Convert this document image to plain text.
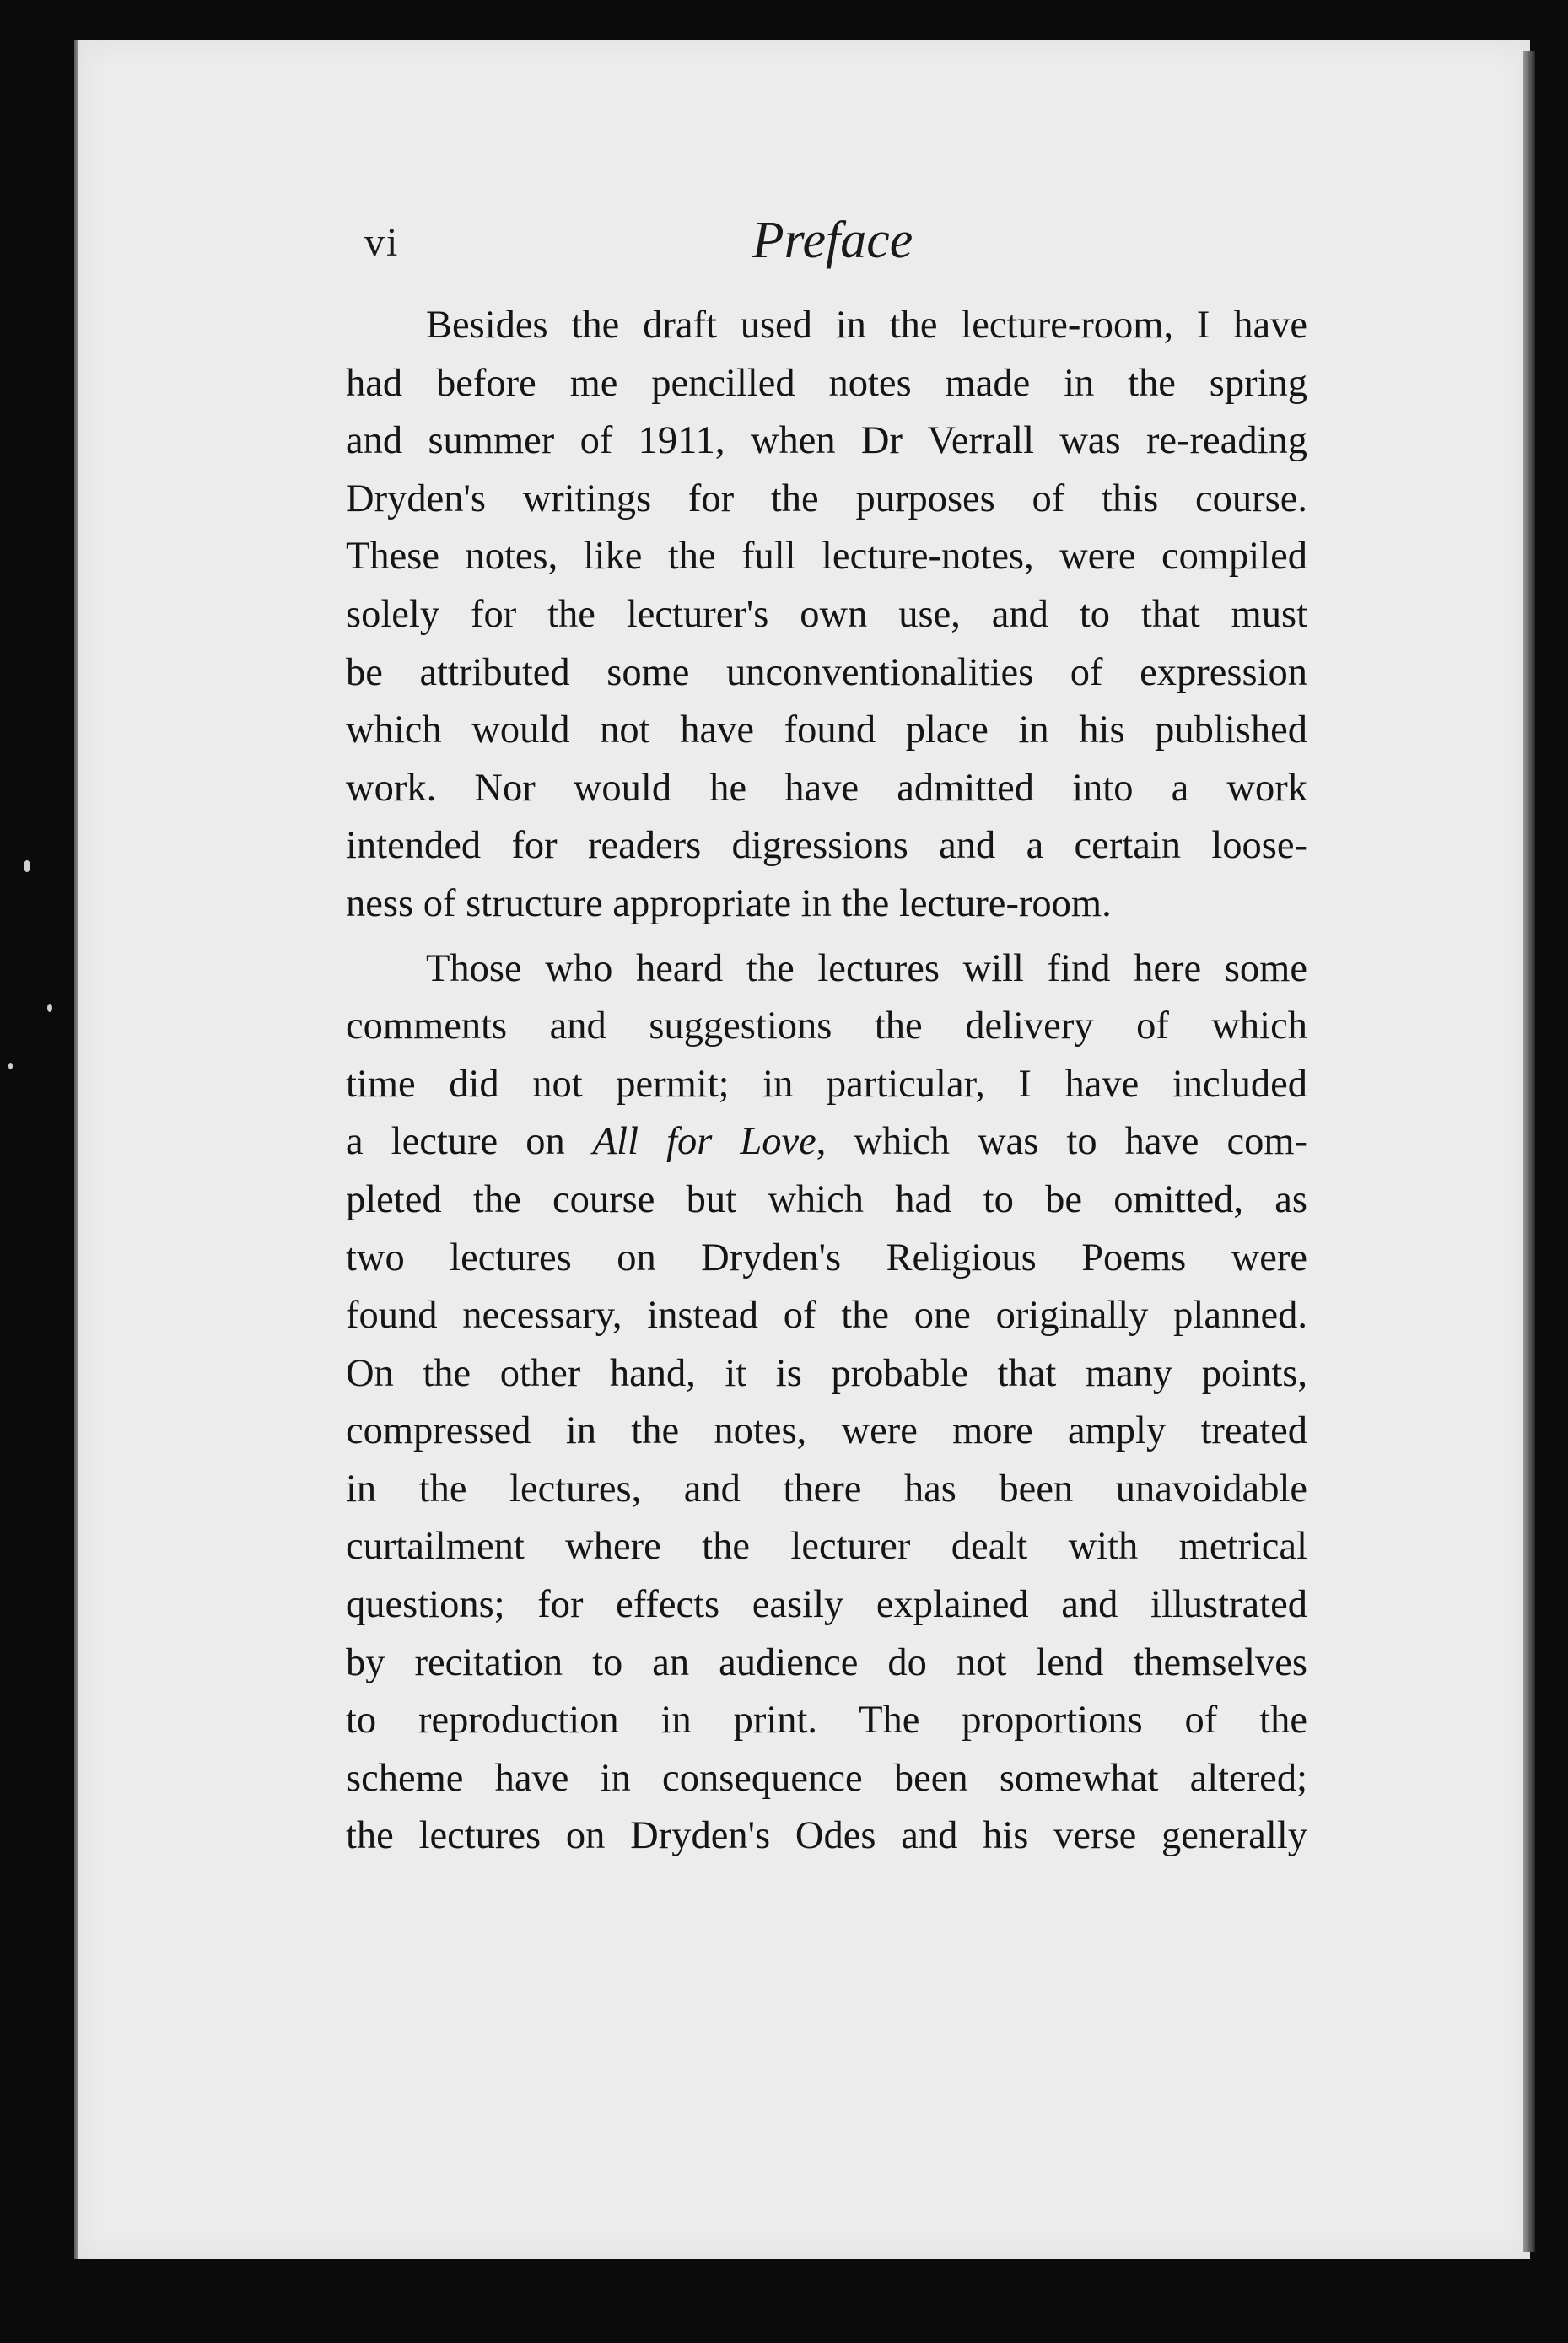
vi	Preface

Besides the draft used in the lecture-room, I have
had before me pencilled notes made in the spring
and summer of 1911, when Dr Verrall was re-reading
Dryden's writings for the purposes of this course.
These notes, like the full lecture-notes, were compiled
solely for the lecturer's own use, and to that must
be attributed some unconventionalities of expression
which would not have found place in his published
work. Nor would he have admitted into a work
intended for readers digressions and a certain loose-
ness of structure appropriate in the lecture-room.

Those who heard the lectures will find here some
comments and suggestions the delivery of which
time did not permit; in particular, I have included
a lecture on All for Love, which was to have com-
pleted the course but which had to be omitted, as
two lectures on Dryden's Religious Poems were
found necessary, instead of the one originally planned.
On the other hand, it is probable that many points,
compressed in the notes, were more amply treated
in the lectures, and there has been unavoidable
curtailment where the lecturer dealt with metrical
questions; for effects easily explained and illustrated
by recitation to an audience do not lend themselves
to reproduction in print. The proportions of the
scheme have in consequence been somewhat altered;
the lectures on Dryden's Odes and his verse generally
